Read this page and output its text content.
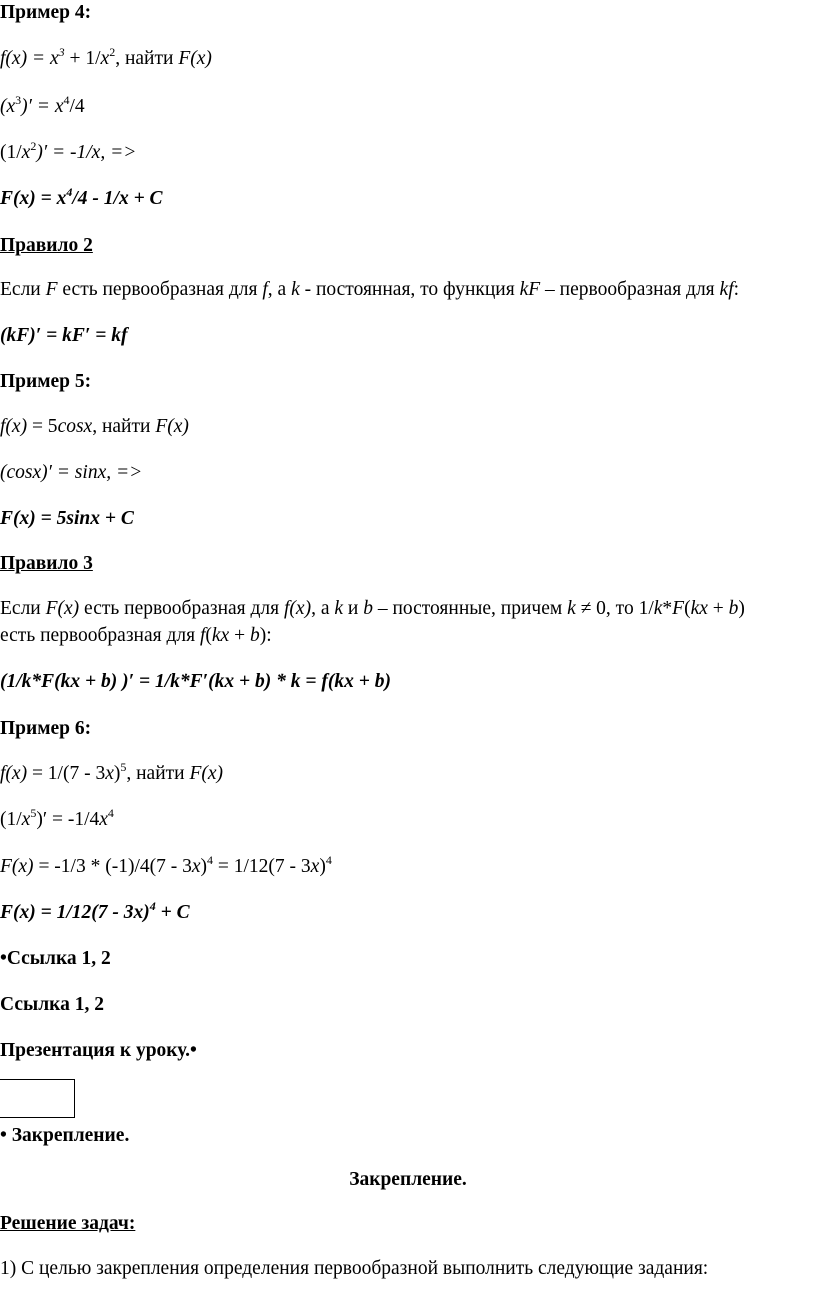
Пример 4:
$f(x) = x^3 + 1/x^2$, найти F(x)
$(x^3)' = x^4/4$
$(1/x^2)' = -1/x$, =>
$F(x) = x^4/4 - 1/x + C$
Правило 2
Если F есть первообразная для f, а k - постоянная, то функция kF – первообразная для kf:
(kF)′ = kF′ = kf
Пример 5:
f(x) = 5cosx, найти F(x)
(cosx)′ = sinx, =>
F(x) = 5sinx + C
Правило 3
Если F(x) есть первообразная для f(x), а k и b – постоянные, причем k ≠ 0, то 1/k*F(kx + b)
есть первообразная для f(kx + b):
(1/k*F(kx + b) )′ = 1/k*F′(kx + b) * k = f(kx + b)
Пример 6:
f(x) = 1/(7 - 3x)$^5$, найти F(x)
$(1/x^5)' = -1/4x^4$
F(x) = -1/3 * (-1)/4(7 - 3x)$^4$ = 1/12(7 - 3x)$^4$
F(x) = 1/12(7 - 3x)$^4$ + C
•Ссылка 1, 2
Ссылка 1, 2
Презентация к уроку.•
• Закрепление.
Закрепление.
Решение задач:
1) С целью закрепления определения первообразной выполнить следующие задания:
